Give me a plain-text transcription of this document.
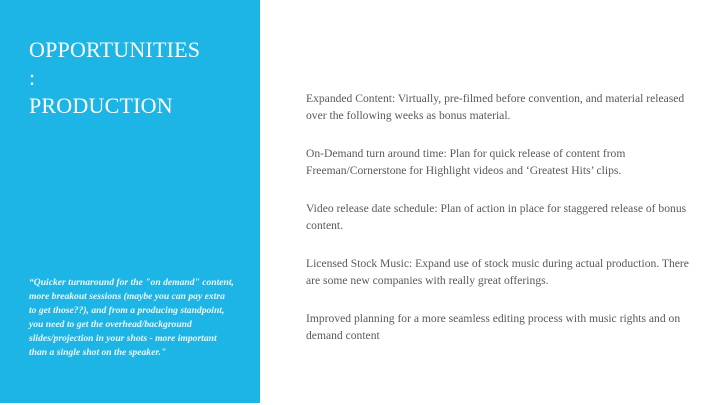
OPPORTUNITIES
:
PRODUCTION

“Quicker turnaround for the "on demand" content, more breakout sessions (maybe you can pay extra to get those??), and from a producing standpoint, you need to get the overhead/background slides/projection in your shots - more important than a single shot on the speaker."

Expanded Content: Virtually, pre-filmed before convention, and material released over the following weeks as bonus material.

On-Demand turn around time: Plan for quick release of content from Freeman/Cornerstone for Highlight videos and ‘Greatest Hits’ clips.

Video release date schedule: Plan of action in place for staggered release of bonus content.

Licensed Stock Music: Expand use of stock music during actual production. There are some new companies with really great offerings.

Improved planning for a more seamless editing process with music rights and on demand content
